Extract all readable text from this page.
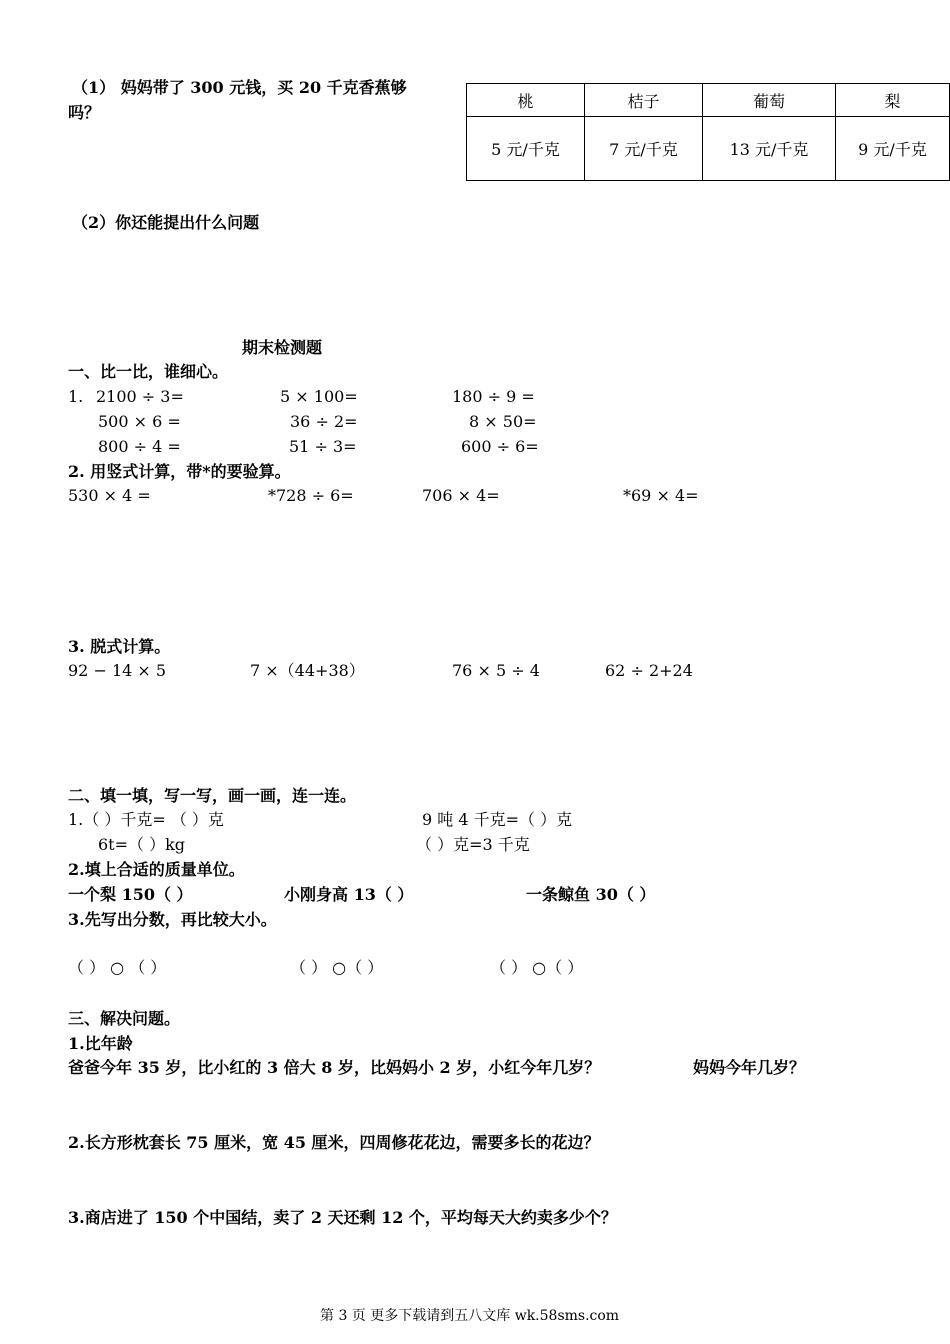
（1） 妈妈带了 300 元钱，买 20 千克香蕉够
吗？
桃	桔子	葡萄	梨
5 元/千克	7 元/千克	13 元/千克	9 元/千克
（2）你还能提出什么问题
期末检测题
一、比一比，谁细心。
1. 2100 ÷ 3=	5 × 100=	180 ÷ 9 =
500 × 6 =	36 ÷ 2=	8 × 50=
800 ÷ 4 =	51 ÷ 3=	600 ÷ 6=
2. 用竖式计算，带*的要验算。
530 × 4 =	*728 ÷ 6=	706 × 4=	*69 × 4=
3. 脱式计算。
92 − 14 × 5	7 ×（44+38）	76 × 5 ÷ 4	62 ÷ 2+24
二、填一填，写一写，画一画，连一连。
1.（ ）千克= （ ）克	9 吨 4 千克=（ ）克
6t=（ ）kg	（ ）克=3 千克
2.填上合适的质量单位。
一个梨 150（ ）	小刚身高 13（ ）	一条鲸鱼 30（ ）
3.先写出分数，再比较大小。
（ ） ○ （ ）	（ ） ○（ ）	（ ） ○（ ）
三、解决问题。
1.比年龄
爸爸今年 35 岁，比小红的 3 倍大 8 岁，比妈妈小 2 岁，小红今年几岁？	妈妈今年几岁？
2.长方形枕套长 75 厘米，宽 45 厘米，四周修花花边，需要多长的花边？
3.商店进了 150 个中国结，卖了 2 天还剩 12 个，平均每天大约卖多少个？
第 3 页 更多下载请到五八文库 wk.58sms.com
